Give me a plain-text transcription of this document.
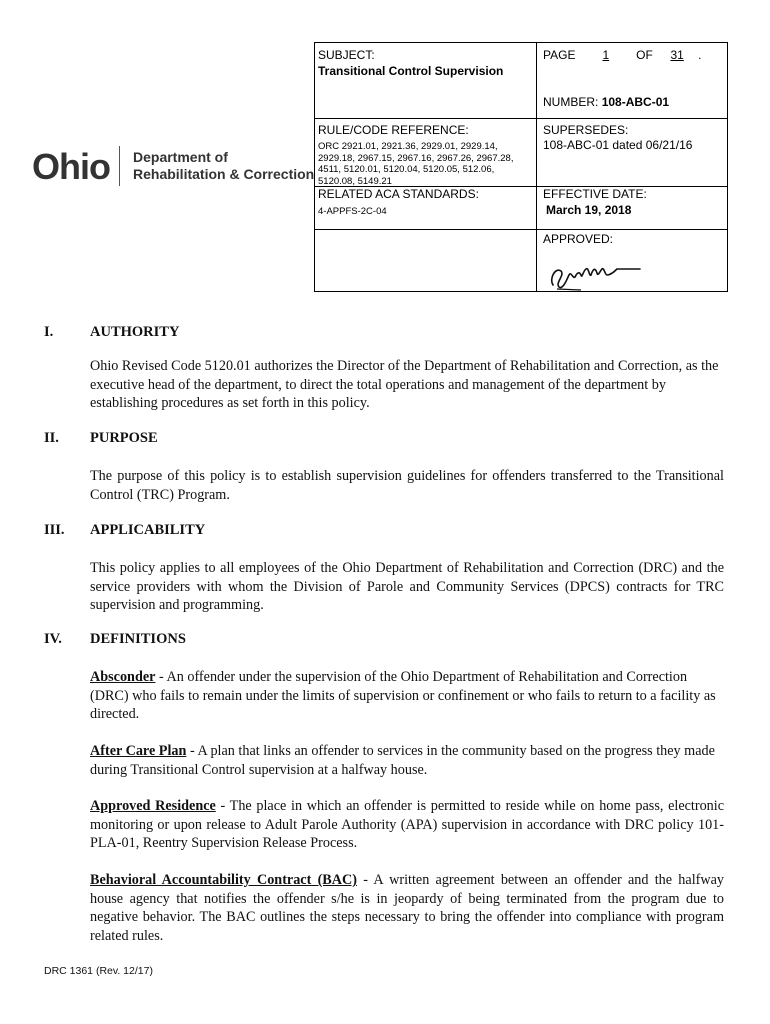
Ohio Department of
Rehabilitation & Correction
SUBJECT:
Transitional Control Supervision
PAGE 1 OF 31 .
NUMBER: 108-ABC-01
RULE/CODE REFERENCE:
ORC 2921.01, 2921.36, 2929.01, 2929.14, 2929.18, 2967.15, 2967.16, 2967.26, 2967.28, 4511, 5120.01, 5120.04, 5120.05, 512.06, 5120.08, 5149.21
SUPERSEDES:
108-ABC-01 dated 06/21/16
RELATED ACA STANDARDS:
4-APPFS-2C-04
EFFECTIVE DATE:
March 19, 2018
APPROVED:
I.	AUTHORITY
Ohio Revised Code 5120.01 authorizes the Director of the Department of Rehabilitation and Correction, as the executive head of the department, to direct the total operations and management of the department by establishing procedures as set forth in this policy.
II. PURPOSE
The purpose of this policy is to establish supervision guidelines for offenders transferred to the Transitional Control (TRC) Program.
III. APPLICABILITY
This policy applies to all employees of the Ohio Department of Rehabilitation and Correction (DRC) and the service providers with whom the Division of Parole and Community Services (DPCS) contracts for TRC supervision and programming.
IV. DEFINITIONS
Absconder - An offender under the supervision of the Ohio Department of Rehabilitation and Correction (DRC) who fails to remain under the limits of supervision or confinement or who fails to return to a facility as directed.
After Care Plan - A plan that links an offender to services in the community based on the progress they made during Transitional Control supervision at a halfway house.
Approved Residence - The place in which an offender is permitted to reside while on home pass, electronic monitoring or upon release to Adult Parole Authority (APA) supervision in accordance with DRC policy 101-PLA-01, Reentry Supervision Release Process.
Behavioral Accountability Contract (BAC) - A written agreement between an offender and the halfway house agency that notifies the offender s/he is in jeopardy of being terminated from the program due to negative behavior. The BAC outlines the steps necessary to bring the offender into compliance with program related rules.
DRC 1361 (Rev. 12/17)
